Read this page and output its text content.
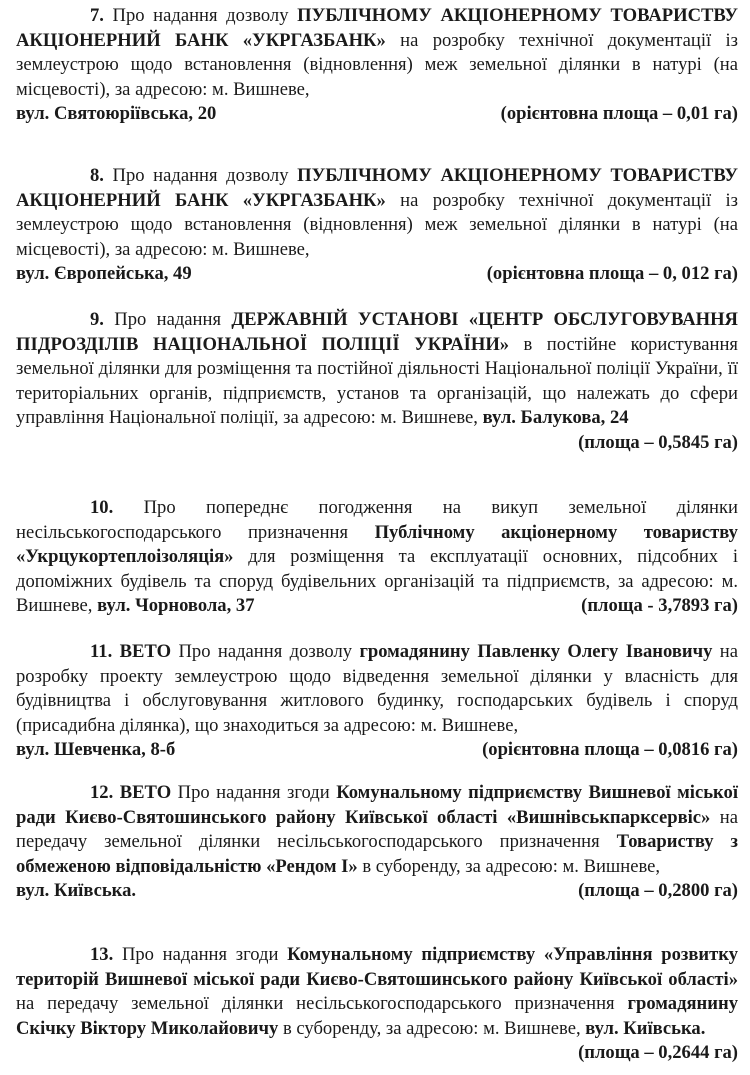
7. Про надання дозволу ПУБЛІЧНОМУ АКЦІОНЕРНОМУ ТОВАРИСТВУ АКЦІОНЕРНИЙ БАНК «УКРГАЗБАНК» на розробку технічної документації із землеустрою щодо встановлення (відновлення) меж земельної ділянки в натурі (на місцевості), за адресою: м. Вишневе,
вул. Святоюріївська, 20	(орієнтовна площа – 0,01 га)
8. Про надання дозволу ПУБЛІЧНОМУ АКЦІОНЕРНОМУ ТОВАРИСТВУ АКЦІОНЕРНИЙ БАНК «УКРГАЗБАНК» на розробку технічної документації із землеустрою щодо встановлення (відновлення) меж земельної ділянки в натурі (на місцевості), за адресою: м. Вишневе,
вул. Європейська, 49	(орієнтовна площа – 0, 012 га)
9. Про надання ДЕРЖАВНІЙ УСТАНОВІ «ЦЕНТР ОБСЛУГОВУВАННЯ ПІДРОЗДІЛІВ НАЦІОНАЛЬНОЇ ПОЛІЦІЇ УКРАЇНИ» в постійне користування земельної ділянки для розміщення та постійної діяльності Національної поліції України, її територіальних органів, підприємств, установ та організацій, що належать до сфери управління Національної поліції, за адресою: м. Вишневе, вул. Балукова, 24
(площа – 0,5845 га)
10. Про попереднє погодження на викуп земельної ділянки несільськогосподарського призначення Публічному акціонерному товариству «Укрцукортеплоізоляція» для розміщення та експлуатації основних, підсобних і допоміжних будівель та споруд будівельних організацій та підприємств, за адресою: м. Вишневе, вул. Чорновола, 37	(площа - 3,7893 га)
11. ВЕТО Про надання дозволу громадянину Павленку Олегу Івановичу на розробку проекту землеустрою щодо відведення земельної ділянки у власність для будівництва і обслуговування житлового будинку, господарських будівель і споруд (присадибна ділянка), що знаходиться за адресою: м. Вишневе,
вул. Шевченка, 8-б	(орієнтовна площа – 0,0816 га)
12. ВЕТО Про надання згоди Комунальному підприємству Вишневої міської ради Києво-Святошинського району Київської області «Вишнівськпарксервіс» на передачу земельної ділянки несільськогосподарського призначення Товариству з обмеженою відповідальністю «Рендом І» в суборенду, за адресою: м. Вишневе,
вул. Київська.	(площа – 0,2800 га)
13. Про надання згоди Комунальному підприємству «Управління розвитку територій Вишневої міської ради Києво-Святошинського району Київської області» на передачу земельної ділянки несільськогосподарського призначення громадянину Скічку Віктору Миколайовичу в суборенду, за адресою: м. Вишневе, вул. Київська.
(площа – 0,2644 га)
